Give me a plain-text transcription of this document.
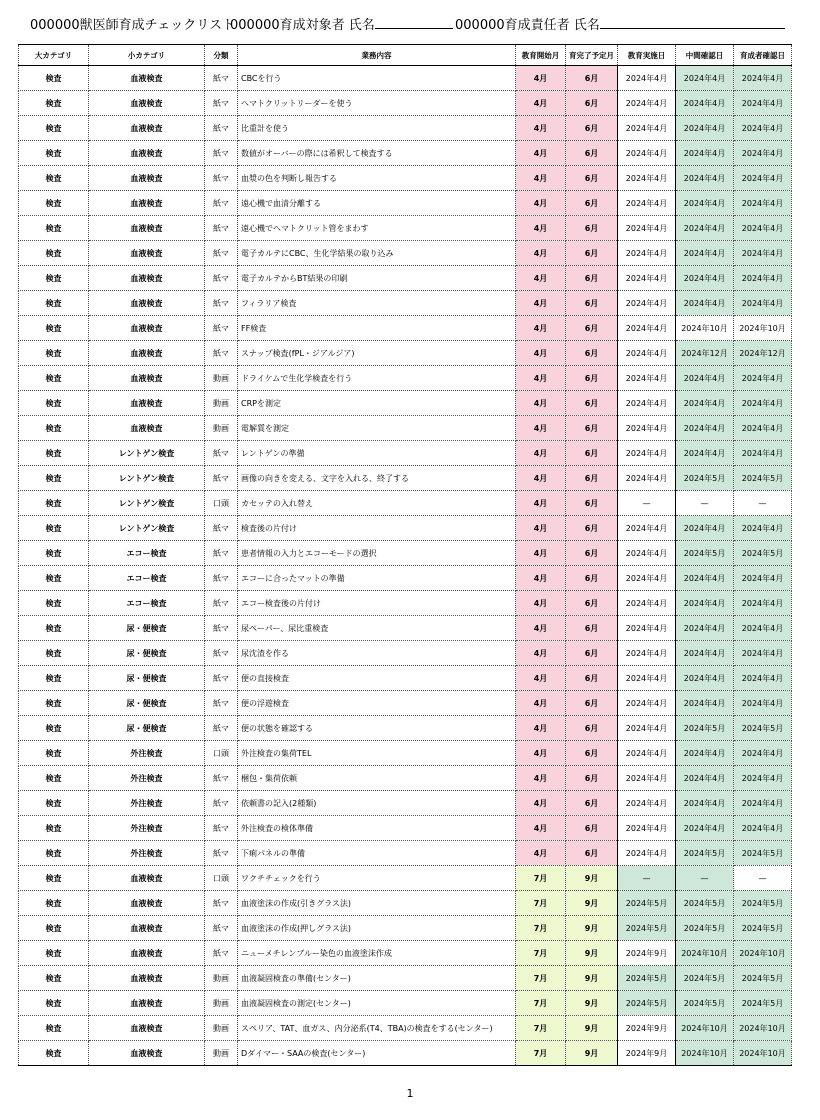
000000獣医師育成チェックリスト
000000育成対象者 氏名	000000育成責任者 氏名
大カテゴリ	小カテゴリ	分類	業務内容	教育開始月	育完了予定月	教育実施日	中間確認日	育成者確認日
検査	血液検査	紙マ	CBCを行う	4月	6月	2024年4月	2024年4月	2024年4月
検査	血液検査	紙マ	ヘマトクリットリーダーを使う	4月	6月	2024年4月	2024年4月	2024年4月
検査	血液検査	紙マ	比重計を使う	4月	6月	2024年4月	2024年4月	2024年4月
検査	血液検査	紙マ	数値がオーバーの際には希釈して検査する	4月	6月	2024年4月	2024年4月	2024年4月
検査	血液検査	紙マ	血漿の色を判断し報告する	4月	6月	2024年4月	2024年4月	2024年4月
検査	血液検査	紙マ	遠心機で血清分離する	4月	6月	2024年4月	2024年4月	2024年4月
検査	血液検査	紙マ	遠心機でヘマトクリット管をまわす	4月	6月	2024年4月	2024年4月	2024年4月
検査	血液検査	紙マ	電子カルテにCBC、生化学結果の取り込み	4月	6月	2024年4月	2024年4月	2024年4月
検査	血液検査	紙マ	電子カルテからBT結果の印刷	4月	6月	2024年4月	2024年4月	2024年4月
検査	血液検査	紙マ	フィラリア検査	4月	6月	2024年4月	2024年4月	2024年4月
検査	血液検査	紙マ	FF検査	4月	6月	2024年4月	2024年10月	2024年10月
検査	血液検査	紙マ	スナップ検査(fPL・ジアルジア)	4月	6月	2024年4月	2024年12月	2024年12月
検査	血液検査	動画	ドライケムで生化学検査を行う	4月	6月	2024年4月	2024年4月	2024年4月
検査	血液検査	動画	CRPを測定	4月	6月	2024年4月	2024年4月	2024年4月
検査	血液検査	動画	電解質を測定	4月	6月	2024年4月	2024年4月	2024年4月
検査	レントゲン検査	紙マ	レントゲンの準備	4月	6月	2024年4月	2024年4月	2024年4月
検査	レントゲン検査	紙マ	画像の向きを変える、文字を入れる、終了する	4月	6月	2024年4月	2024年5月	2024年5月
検査	レントゲン検査	口頭	カセッテの入れ替え	4月	6月	—	—	—
検査	レントゲン検査	紙マ	検査後の片付け	4月	6月	2024年4月	2024年4月	2024年4月
検査	エコー検査	紙マ	患者情報の入力とエコーモードの選択	4月	6月	2024年4月	2024年5月	2024年5月
検査	エコー検査	紙マ	エコーに合ったマットの準備	4月	6月	2024年4月	2024年4月	2024年4月
検査	エコー検査	紙マ	エコー検査後の片付け	4月	6月	2024年4月	2024年4月	2024年4月
検査	尿・便検査	紙マ	尿ペーパー、尿比重検査	4月	6月	2024年4月	2024年4月	2024年4月
検査	尿・便検査	紙マ	尿沈渣を作る	4月	6月	2024年4月	2024年4月	2024年4月
検査	尿・便検査	紙マ	便の直接検査	4月	6月	2024年4月	2024年4月	2024年4月
検査	尿・便検査	紙マ	便の浮遊検査	4月	6月	2024年4月	2024年4月	2024年4月
検査	尿・便検査	紙マ	便の状態を確認する	4月	6月	2024年4月	2024年5月	2024年5月
検査	外注検査	口頭	外注検査の集荷TEL	4月	6月	2024年4月	2024年4月	2024年4月
検査	外注検査	紙マ	梱包・集荷依頼	4月	6月	2024年4月	2024年4月	2024年4月
検査	外注検査	紙マ	依頼書の記入(2種類)	4月	6月	2024年4月	2024年4月	2024年4月
検査	外注検査	紙マ	外注検査の検体準備	4月	6月	2024年4月	2024年4月	2024年4月
検査	外注検査	紙マ	下痢パネルの準備	4月	6月	2024年4月	2024年5月	2024年5月
検査	血液検査	口頭	ワクチチェックを行う	7月	9月	—	—	—
検査	血液検査	紙マ	血液塗沫の作成(引きグラス法)	7月	9月	2024年5月	2024年5月	2024年5月
検査	血液検査	紙マ	血液塗沫の作成(押しグラス法)	7月	9月	2024年5月	2024年5月	2024年5月
検査	血液検査	紙マ	ニューメチレンブルー染色の血液塗沫作成	7月	9月	2024年9月	2024年10月	2024年10月
検査	血液検査	動画	血液凝固検査の準備(センター)	7月	9月	2024年5月	2024年5月	2024年5月
検査	血液検査	動画	血液凝固検査の測定(センター)	7月	9月	2024年5月	2024年5月	2024年5月
検査	血液検査	動画	スペリア、TAT、血ガス、内分泌系(T4、TBA)の検査をする(センター)	7月	9月	2024年9月	2024年10月	2024年10月
検査	血液検査	動画	Dダイマー・SAAの検査(センター)	7月	9月	2024年9月	2024年10月	2024年10月
1
